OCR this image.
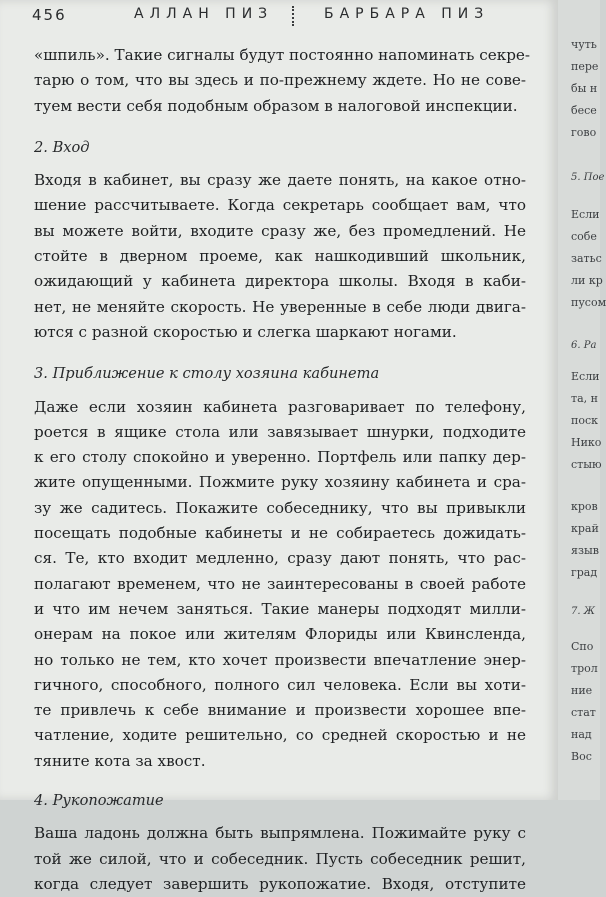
456	АЛЛАН ПИЗ	БАРБАРА ПИЗ
«шпиль». Такие сигналы будут постоянно напоминать секре-
тарю о том, что вы здесь и по-прежнему ждете. Но не сове-
туем вести себя подобным образом в налоговой инспекции.
2. Вход
Входя в кабинет, вы сразу же даете понять, на какое отно-
шение рассчитываете. Когда секретарь сообщает вам, что
вы можете войти, входите сразу же, без промедлений. Не
стойте в дверном проеме, как нашкодивший школьник,
ожидающий у кабинета директора школы. Входя в каби-
нет, не меняйте скорость. Не уверенные в себе люди двига-
ются с разной скоростью и слегка шаркают ногами.
3. Приближение к столу хозяина кабинета
Даже если хозяин кабинета разговаривает по телефону,
роется в ящике стола или завязывает шнурки, подходите
к его столу спокойно и уверенно. Портфель или папку дер-
жите опущенными. Пожмите руку хозяину кабинета и сра-
зу же садитесь. Покажите собеседнику, что вы привыкли
посещать подобные кабинеты и не собираетесь дожидать-
ся. Те, кто входит медленно, сразу дают понять, что рас-
полагают временем, что не заинтересованы в своей работе
и что им нечем заняться. Такие манеры подходят милли-
онерам на покое или жителям Флориды или Квинсленда,
но только не тем, кто хочет произвести впечатление энер-
гичного, способного, полного сил человека. Если вы хоти-
те привлечь к себе внимание и произвести хорошее впе-
чатление, ходите решительно, со средней скоростью и не
тяните кота за хвост.
4. Рукопожатие
Ваша ладонь должна быть выпрямлена. Пожимайте руку с
той же силой, что и собеседник. Пусть собеседник решит,
когда следует завершить рукопожатие. Входя, отступите
чуть
пере
бы н
бесе
гово
5. Пое
Если
собе
затьс
ли кр
пусом
6. Ра
Если
та, н
поск
Нико
стыю
кров
край
языв
град
7. Ж
Спо
трол
ние
стат
над
Вос
